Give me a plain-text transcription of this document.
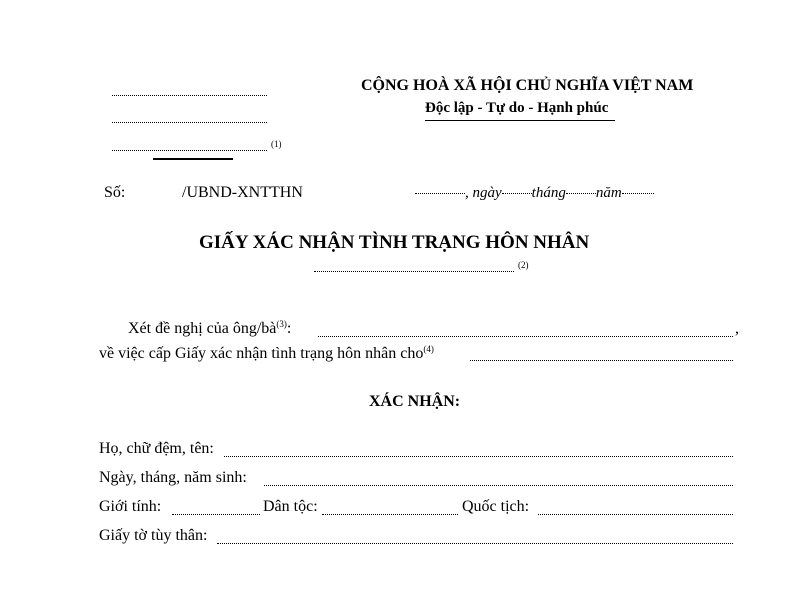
(1)
CỘNG HOÀ XÃ HỘI CHỦ NGHĨA VIỆT NAM
Độc lập - Tự do - Hạnh phúc
Số:	/UBND-XNTTHN	, ngày tháng năm
GIẤY XÁC NHẬN TÌNH TRẠNG HÔN NHÂN
(2)
Xét đề nghị của ông/$bà^{(3)}$:	,
về việc cấp Giấy xác nhận tình trạng hôn nhân cho$^{(4)}$
XÁC NHẬN:
Họ, chữ đệm, tên:
Ngày, tháng, năm sinh:
Giới tính:	Dân tộc:	Quốc tịch:
Giấy tờ tùy thân:
